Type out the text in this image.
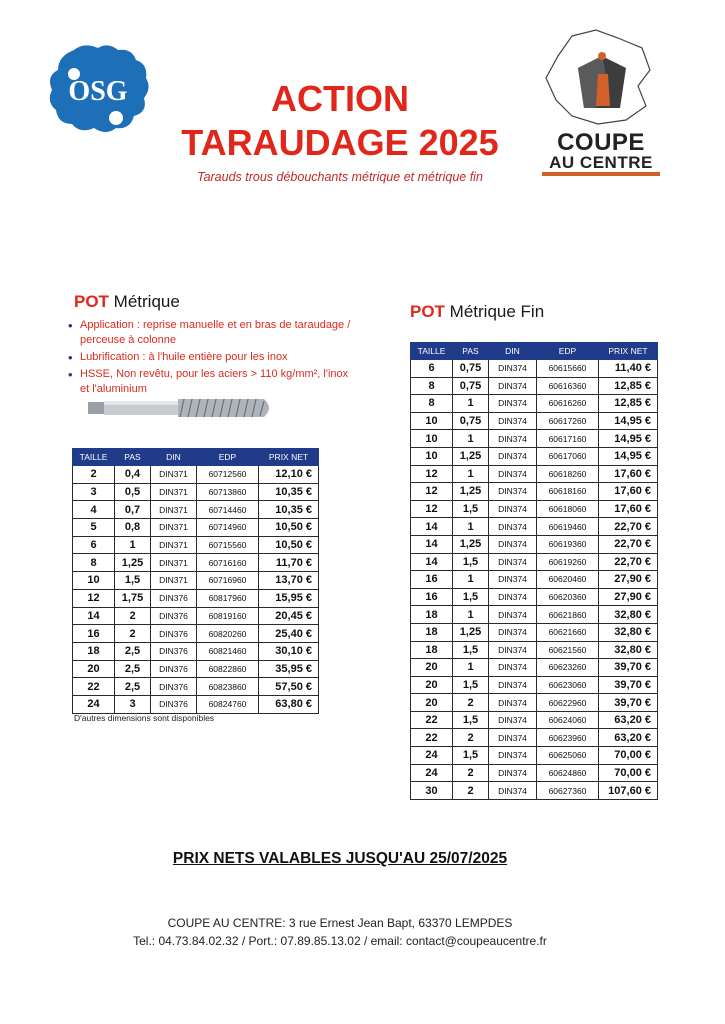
OSG
COUPE
AU CENTRE
ACTION
TARAUDAGE 2025
Tarauds trous débouchants métrique et métrique fin
POT Métrique
• Application : reprise manuelle et en bras de taraudage / perceuse à colonne
• Lubrification : à l'huile entière pour les inox
• HSSE, Non revêtu, pour les aciers > 110 kg/mm², l'inox et l'aluminium
TAILLE	PAS	DIN	EDP	PRIX NET
2	0,4	DIN371	60712560	12,10 €
3	0,5	DIN371	60713860	10,35 €
4	0,7	DIN371	60714460	10,35 €
5	0,8	DIN371	60714960	10,50 €
6	1	DIN371	60715560	10,50 €
8	1,25	DIN371	60716160	11,70 €
10	1,5	DIN371	60716960	13,70 €
12	1,75	DIN376	60817960	15,95 €
14	2	DIN376	60819160	20,45 €
16	2	DIN376	60820260	25,40 €
18	2,5	DIN376	60821460	30,10 €
20	2,5	DIN376	60822860	35,95 €
22	2,5	DIN376	60823860	57,50 €
24	3	DIN376	60824760	63,80 €
D'autres dimensions sont disponibles
POT Métrique Fin
TAILLE	PAS	DIN	EDP	PRIX NET
6	0,75	DIN374	60615660	11,40 €
8	0,75	DIN374	60616360	12,85 €
8	1	DIN374	60616260	12,85 €
10	0,75	DIN374	60617260	14,95 €
10	1	DIN374	60617160	14,95 €
10	1,25	DIN374	60617060	14,95 €
12	1	DIN374	60618260	17,60 €
12	1,25	DIN374	60618160	17,60 €
12	1,5	DIN374	60618060	17,60 €
14	1	DIN374	60619460	22,70 €
14	1,25	DIN374	60619360	22,70 €
14	1,5	DIN374	60619260	22,70 €
16	1	DIN374	60620460	27,90 €
16	1,5	DIN374	60620360	27,90 €
18	1	DIN374	60621860	32,80 €
18	1,25	DIN374	60621660	32,80 €
18	1,5	DIN374	60621560	32,80 €
20	1	DIN374	60623260	39,70 €
20	1,5	DIN374	60623060	39,70 €
20	2	DIN374	60622960	39,70 €
22	1,5	DIN374	60624060	63,20 €
22	2	DIN374	60623960	63,20 €
24	1,5	DIN374	60625060	70,00 €
24	2	DIN374	60624860	70,00 €
30	2	DIN374	60627360	107,60 €
PRIX NETS VALABLES JUSQU'AU 25/07/2025
COUPE AU CENTRE: 3 rue Ernest Jean Bapt, 63370 LEMPDES
Tel.: 04.73.84.02.32 / Port.: 07.89.85.13.02 / email: contact@coupeaucentre.fr
